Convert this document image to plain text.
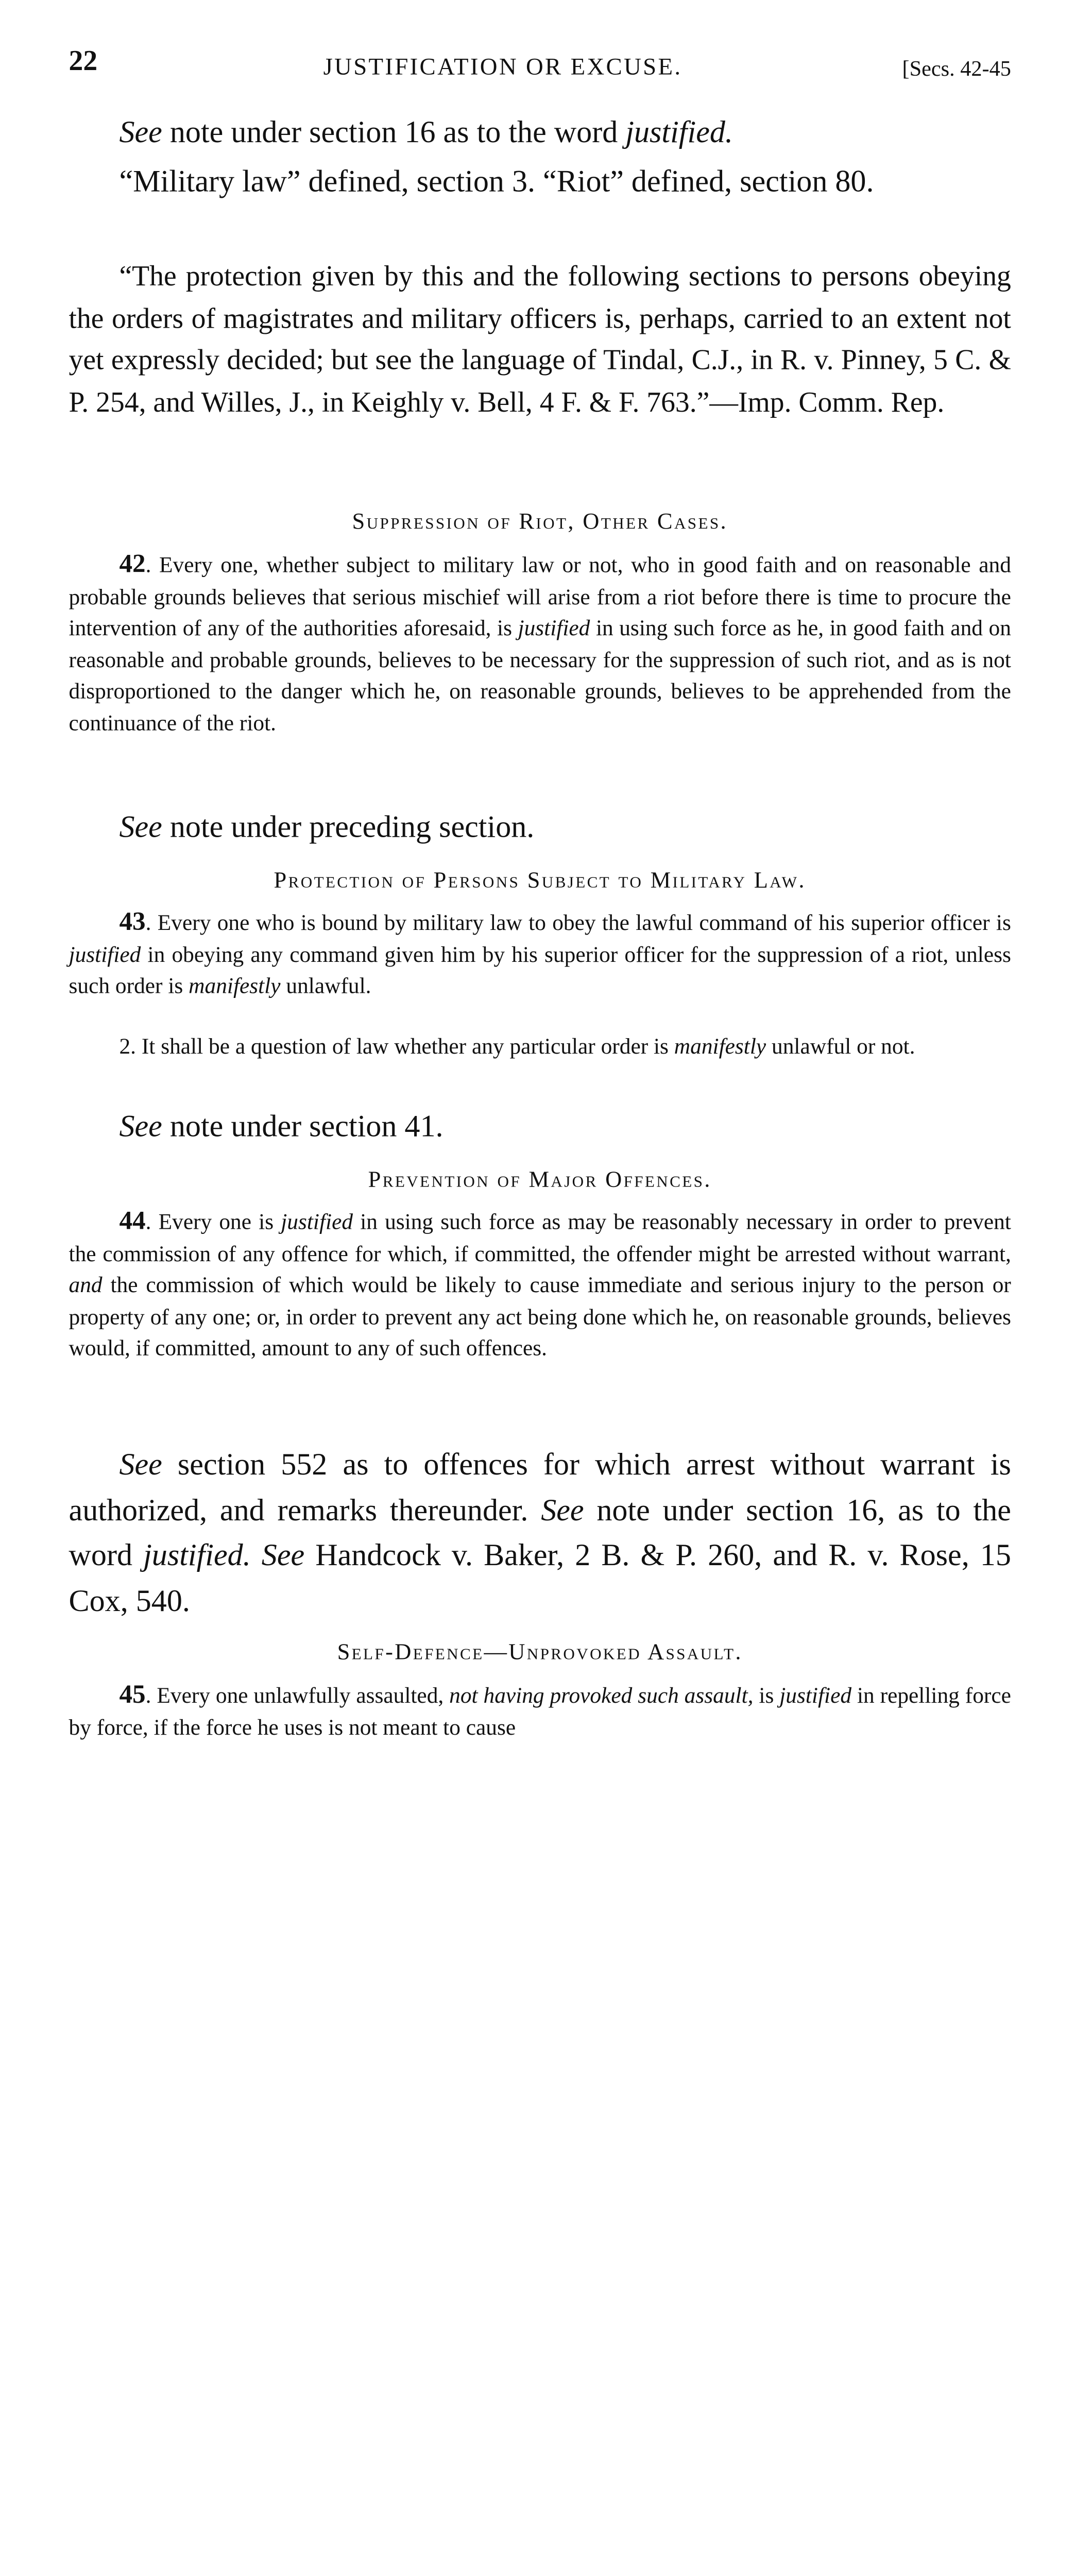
22	JUSTIFICATION OR EXCUSE.	[Secs. 42-45

See note under section 16 as to the word justified.

“Military law” defined, section 3. “Riot” defined, section 80.

“The protection given by this and the following sections to persons obeying the orders of magistrates and military officers is, perhaps, carried to an extent not yet expressly decided; but see the language of Tindal, C.J., in R. v. Pinney, 5 C. & P. 254, and Willes, J., in Keighly v. Bell, 4 F. & F. 763.”—Imp. Comm. Rep.

Suppression of Riot, Other Cases.

42. Every one, whether subject to military law or not, who in good faith and on reasonable and probable grounds believes that serious mischief will arise from a riot before there is time to procure the intervention of any of the authorities aforesaid, is justified in using such force as he, in good faith and on reasonable and probable grounds, believes to be necessary for the suppression of such riot, and as is not disproportioned to the danger which he, on reasonable grounds, believes to be apprehended from the continuance of the riot.

See note under preceding section.

Protection of Persons Subject to Military Law.

43. Every one who is bound by military law to obey the lawful command of his superior officer is justified in obeying any command given him by his superior officer for the suppression of a riot, unless such order is manifestly unlawful.

2. It shall be a question of law whether any particular order is manifestly unlawful or not.

See note under section 41.

Prevention of Major Offences.

44. Every one is justified in using such force as may be reasonably necessary in order to prevent the commission of any offence for which, if committed, the offender might be arrested without warrant, and the commission of which would be likely to cause immediate and serious injury to the person or property of any one; or, in order to prevent any act being done which he, on reasonable grounds, believes would, if committed, amount to any of such offences.

See section 552 as to offences for which arrest without warrant is authorized, and remarks thereunder. See note under section 16, as to the word justified. See Handcock v. Baker, 2 B. & P. 260, and R. v. Rose, 15 Cox, 540.

Self-Defence—Unprovoked Assault.

45. Every one unlawfully assaulted, not having provoked such assault, is justified in repelling force by force, if the force he uses is not meant to cause
